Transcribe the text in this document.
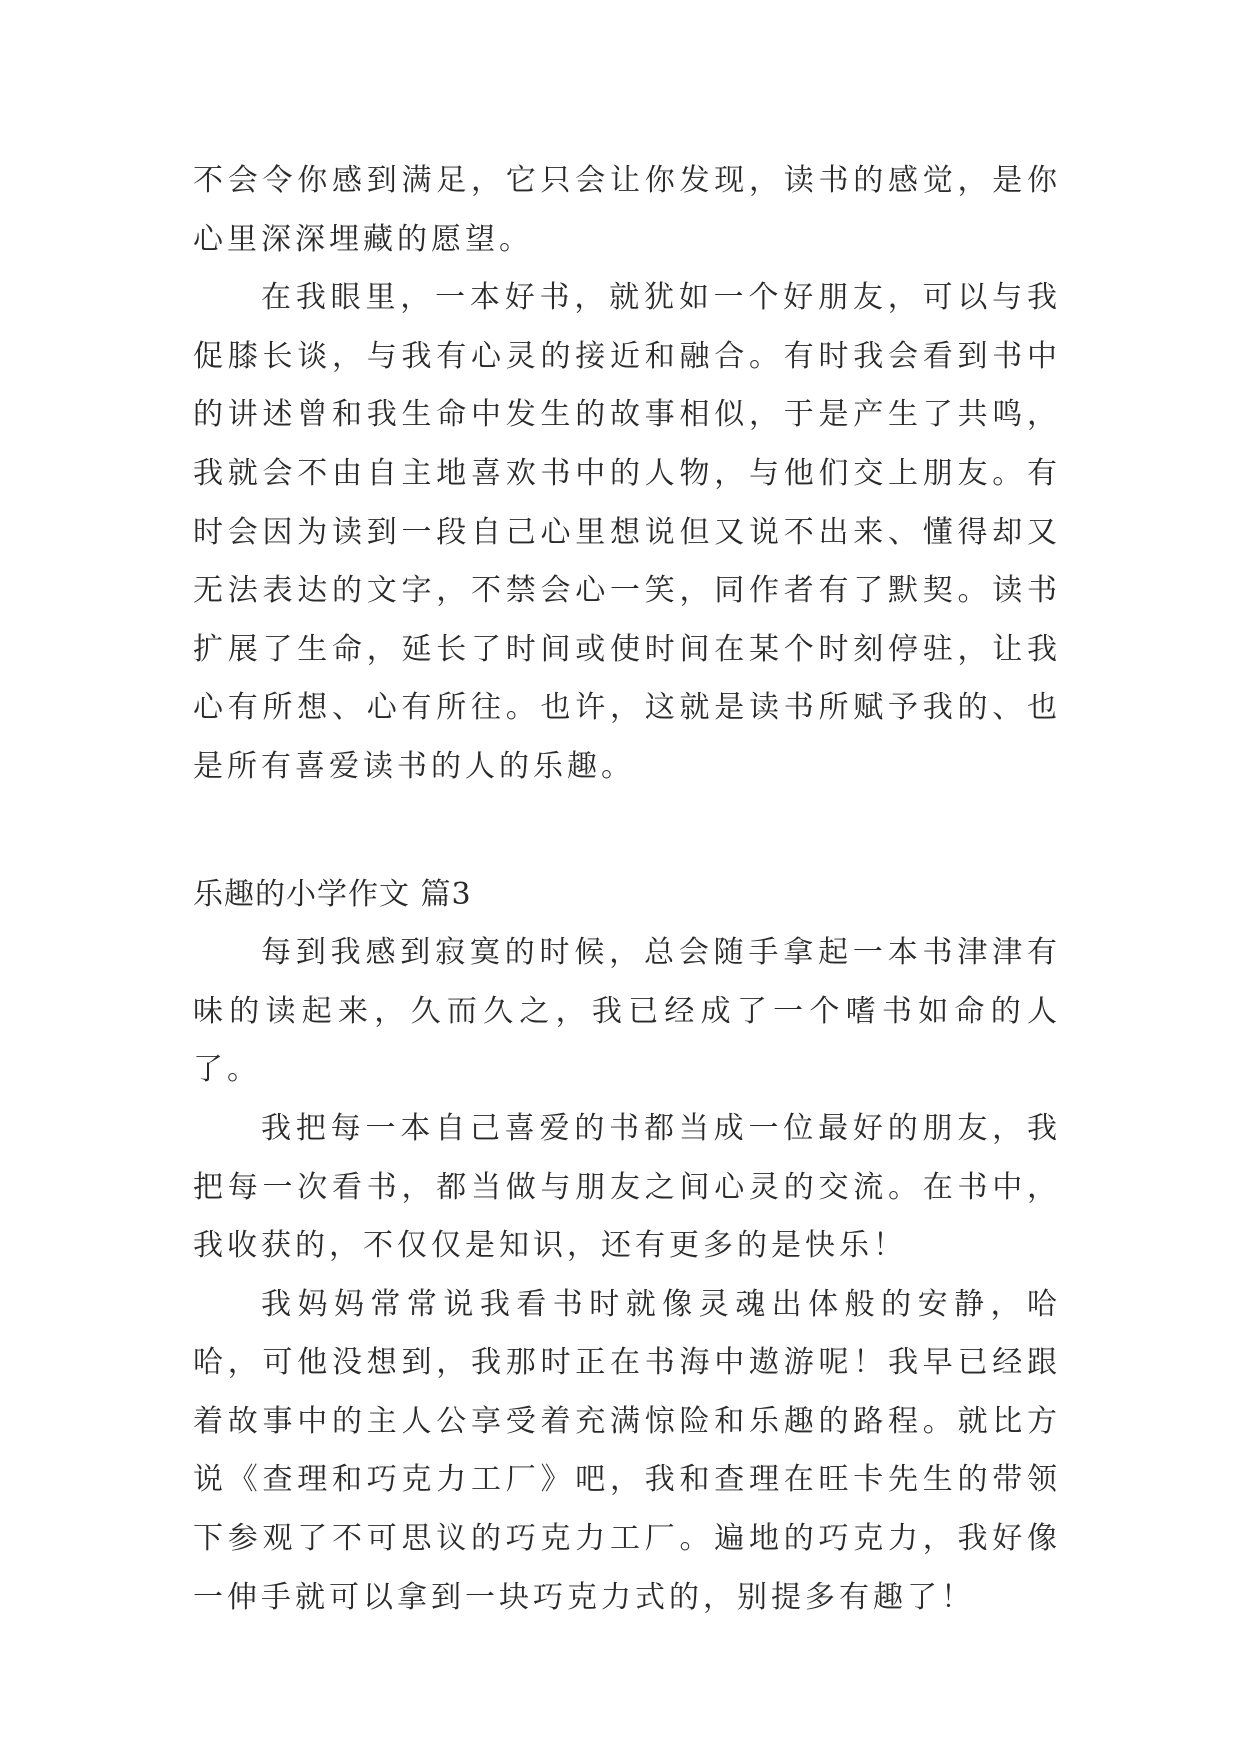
不会令你感到满足，它只会让你发现，读书的感觉，是你心里深深埋藏的愿望。

在我眼里，一本好书，就犹如一个好朋友，可以与我促膝长谈，与我有心灵的接近和融合。有时我会看到书中的讲述曾和我生命中发生的故事相似，于是产生了共鸣，我就会不由自主地喜欢书中的人物，与他们交上朋友。有时会因为读到一段自己心里想说但又说不出来、懂得却又无法表达的文字，不禁会心一笑，同作者有了默契。读书扩展了生命，延长了时间或使时间在某个时刻停驻，让我心有所想、心有所往。也许，这就是读书所赋予我的、也是所有喜爱读书的人的乐趣。

乐趣的小学作文 篇3

每到我感到寂寞的时候，总会随手拿起一本书津津有味的读起来，久而久之，我已经成了一个嗜书如命的人了。

我把每一本自己喜爱的书都当成一位最好的朋友，我把每一次看书，都当做与朋友之间心灵的交流。在书中，我收获的，不仅仅是知识，还有更多的是快乐！

我妈妈常常说我看书时就像灵魂出体般的安静，哈哈，可他没想到，我那时正在书海中遨游呢！我早已经跟着故事中的主人公享受着充满惊险和乐趣的路程。就比方说《查理和巧克力工厂》吧，我和查理在旺卡先生的带领下参观了不可思议的巧克力工厂。遍地的巧克力，我好像一伸手就可以拿到一块巧克力式的，别提多有趣了！
